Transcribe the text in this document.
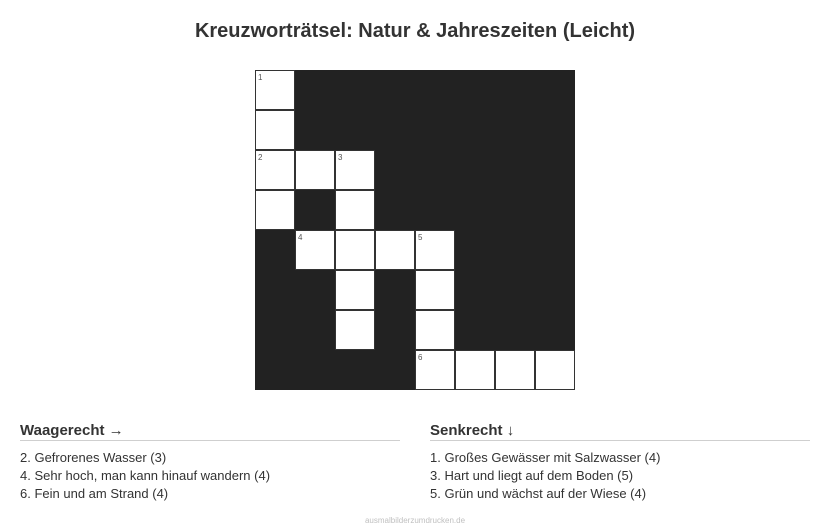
Kreuzworträtsel: Natur & Jahreszeiten (Leicht)
1
2	3
4	5
6
Waagerecht →
2. Gefrorenes Wasser (3)
4. Sehr hoch, man kann hinauf wandern (4)
6. Fein und am Strand (4)
Senkrecht ↓
1. Großes Gewässer mit Salzwasser (4)
3. Hart und liegt auf dem Boden (5)
5. Grün und wächst auf der Wiese (4)
ausmalbilderzumdrucken.de
